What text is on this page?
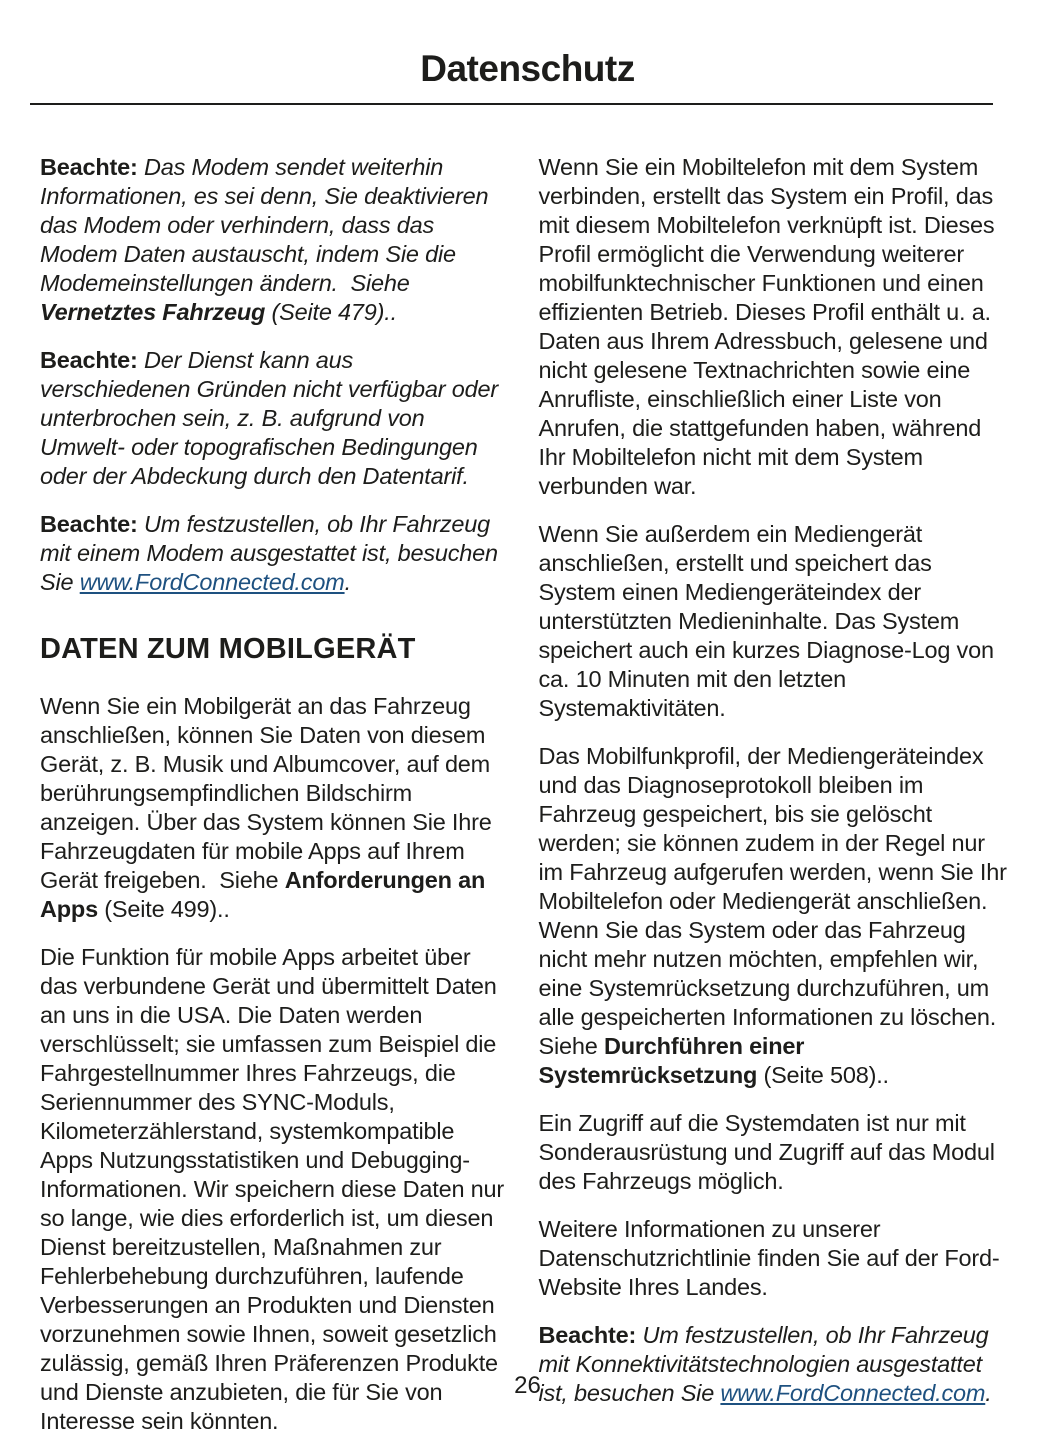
Datenschutz

Beachte: Das Modem sendet weiterhin Informationen, es sei denn, Sie deaktivieren das Modem oder verhindern, dass das Modem Daten austauscht, indem Sie die Modemeinstellungen ändern.  Siehe Vernetztes Fahrzeug (Seite 479)..

Beachte: Der Dienst kann aus verschiedenen Gründen nicht verfügbar oder unterbrochen sein, z. B. aufgrund von Umwelt- oder topografischen Bedingungen oder der Abdeckung durch den Datentarif.

Beachte: Um festzustellen, ob Ihr Fahrzeug mit einem Modem ausgestattet ist, besuchen Sie www.FordConnected.com.

DATEN ZUM MOBILGERÄT

Wenn Sie ein Mobilgerät an das Fahrzeug anschließen, können Sie Daten von diesem Gerät, z. B. Musik und Albumcover, auf dem berührungsempfindlichen Bildschirm anzeigen. Über das System können Sie Ihre Fahrzeugdaten für mobile Apps auf Ihrem Gerät freigeben.  Siehe Anforderungen an Apps (Seite 499)..

Die Funktion für mobile Apps arbeitet über das verbundene Gerät und übermittelt Daten an uns in die USA. Die Daten werden verschlüsselt; sie umfassen zum Beispiel die Fahrgestellnummer Ihres Fahrzeugs, die Seriennummer des SYNC-Moduls, Kilometerzählerstand, systemkompatible Apps Nutzungsstatistiken und Debugging-Informationen. Wir speichern diese Daten nur so lange, wie dies erforderlich ist, um diesen Dienst bereitzustellen, Maßnahmen zur Fehlerbehebung durchzuführen, laufende Verbesserungen an Produkten und Diensten vorzunehmen sowie Ihnen, soweit gesetzlich zulässig, gemäß Ihren Präferenzen Produkte und Dienste anzubieten, die für Sie von Interesse sein könnten.

Wenn Sie ein Mobiltelefon mit dem System verbinden, erstellt das System ein Profil, das mit diesem Mobiltelefon verknüpft ist. Dieses Profil ermöglicht die Verwendung weiterer mobilfunktechnischer Funktionen und einen effizienten Betrieb. Dieses Profil enthält u. a. Daten aus Ihrem Adressbuch, gelesene und nicht gelesene Textnachrichten sowie eine Anrufliste, einschließlich einer Liste von Anrufen, die stattgefunden haben, während Ihr Mobiltelefon nicht mit dem System verbunden war.

Wenn Sie außerdem ein Mediengerät anschließen, erstellt und speichert das System einen Mediengeräteindex der unterstützten Medieninhalte. Das System speichert auch ein kurzes Diagnose-Log von ca. 10 Minuten mit den letzten Systemaktivitäten.

Das Mobilfunkprofil, der Mediengeräteindex und das Diagnoseprotokoll bleiben im Fahrzeug gespeichert, bis sie gelöscht werden; sie können zudem in der Regel nur im Fahrzeug aufgerufen werden, wenn Sie Ihr Mobiltelefon oder Mediengerät anschließen. Wenn Sie das System oder das Fahrzeug nicht mehr nutzen möchten, empfehlen wir, eine Systemrücksetzung durchzuführen, um alle gespeicherten Informationen zu löschen.  Siehe Durchführen einer Systemrücksetzung (Seite 508)..

Ein Zugriff auf die Systemdaten ist nur mit Sonderausrüstung und Zugriff auf das Modul des Fahrzeugs möglich.

Weitere Informationen zu unserer Datenschutzrichtlinie finden Sie auf der Ford-Website Ihres Landes.

Beachte: Um festzustellen, ob Ihr Fahrzeug mit Konnektivitätstechnologien ausgestattet ist, besuchen Sie www.FordConnected.com.

26
